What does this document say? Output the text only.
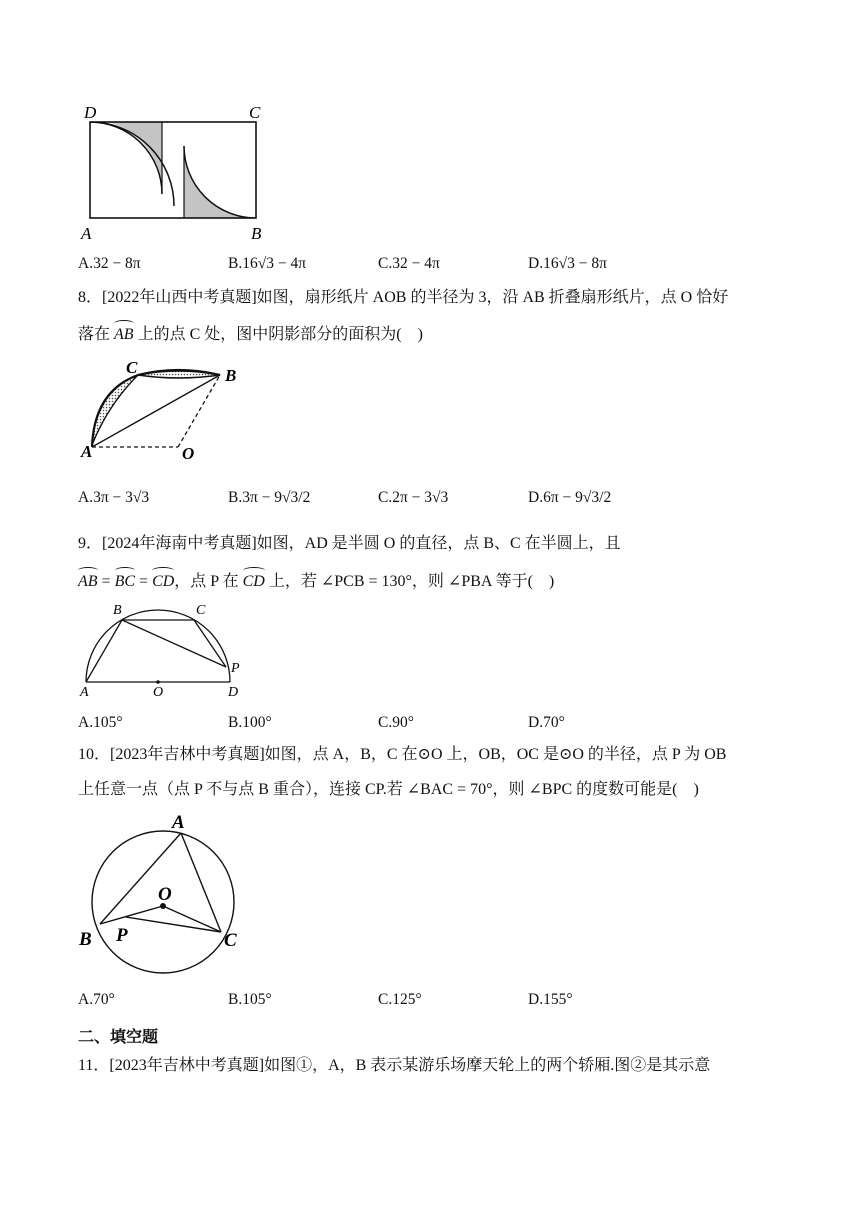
D	C
A	B
A.32 − 8π	B.16√3 − 4π	C.32 − 4π	D.16√3 − 8π
8．[2022年山西中考真题]如图，扇形纸片 AOB 的半径为 3，沿 AB 折叠扇形纸片，点 O 恰好
落在 AB 上的点 C 处，图中阴影部分的面积为(　)
C	B
A	O
A.3π − 3√3	B.3π − 9√3/2	C.2π − 3√3	D.6π − 9√3/2
9．[2024年海南中考真题]如图，AD 是半圆 O 的直径，点 B、C 在半圆上，且
AB = BC = CD，点 P 在 CD 上，若 ∠PCB = 130°，则 ∠PBA 等于(　)
B	C
P
A	O	D
A.105°	B.100°	C.90°	D.70°
10．[2023年吉林中考真题]如图，点 A，B，C 在⊙O 上，OB，OC 是⊙O 的半径，点 P 为 OB
上任意一点（点 P 不与点 B 重合），连接 CP.若 ∠BAC = 70°，则 ∠BPC 的度数可能是(　)
A
O
B P	C
A.70°	B.105°	C.125°	D.155°
二、填空题
11．[2023年吉林中考真题]如图①，A，B 表示某游乐场摩天轮上的两个轿厢.图②是其示意
